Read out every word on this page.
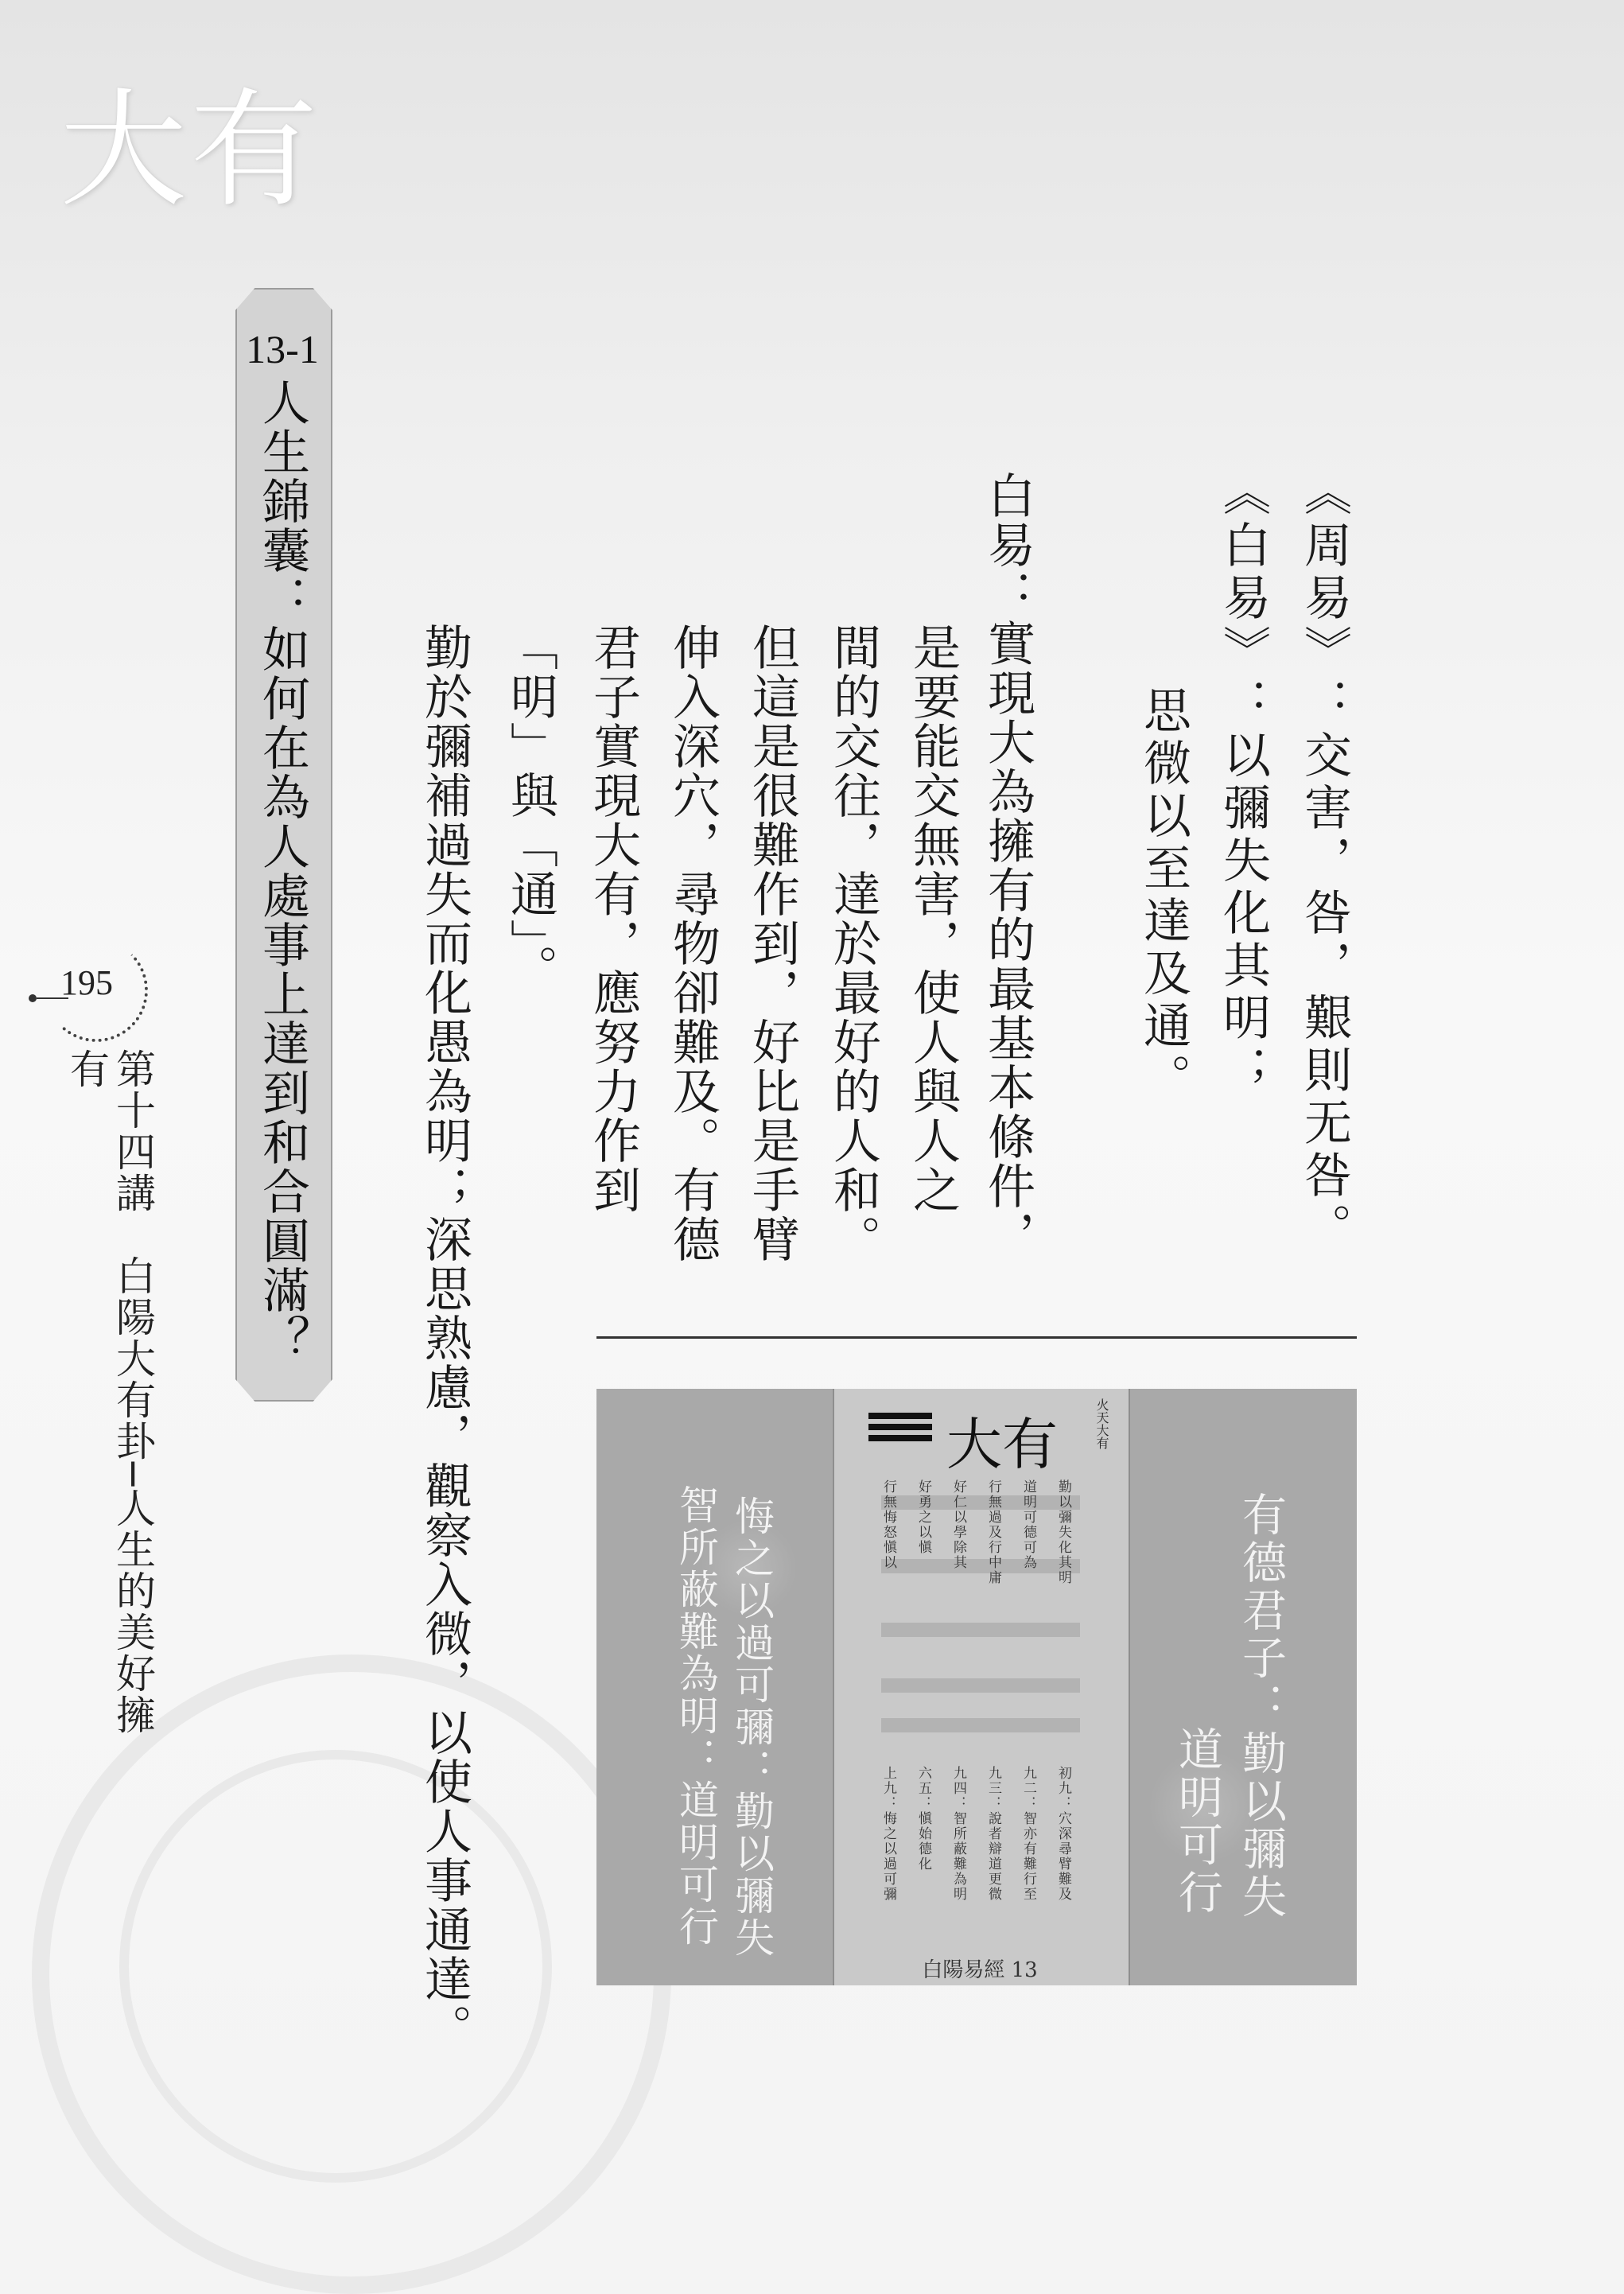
大有
13-1
人生錦囊：如何在為人處事上達到和合圓滿？
195
第十四講　白陽大有卦─人生的美好擁有	《周易》：交害，咎，艱則无咎。
《白易》：以彌失化其明；
思微以至達及通。
白易：實現大為擁有的最基本條件，
是要能交無害，使人與人之
間的交往，達於最好的人和。
但這是很難作到，好比是手臂
伸入深穴，尋物卻難及。有德
君子實現大有，應努力作到
「明」與「通」。
勤於彌補過失而化愚為明；深思熟慮，觀察入微，以使人事通達。	大有	火天大有
勤以彌失化其明
道明可德可為
行無過及行中庸
好仁以學除其
好勇之以愼
行無悔怒愼以
初九：穴深尋臂難及
九二：智亦有難行至
九三：說者辯道更微
九四：智所蔽難為明
六五：愼始德化
上九：悔之以過可彌
白陽易經 13
有德君子：勤以彌失
道明可行
悔之以過可彌：勤以彌失
智所蔽難為明：道明可行
